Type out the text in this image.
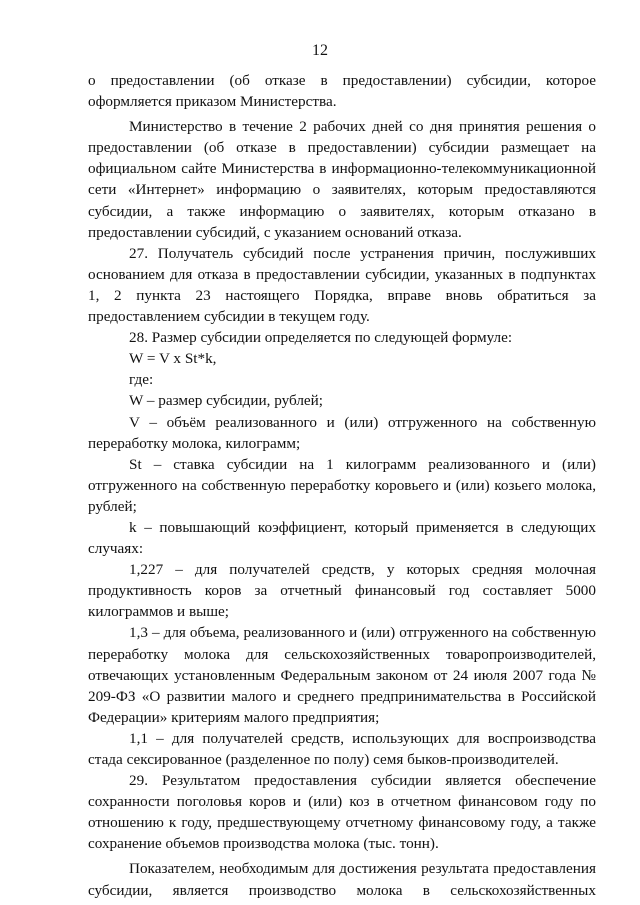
12

о предоставлении (об отказе в предоставлении) субсидии, которое оформляется приказом Министерства.

Министерство в течение 2 рабочих дней со дня принятия решения о предоставлении (об отказе в предоставлении) субсидии размещает на официальном сайте Министерства в информационно-телекоммуникационной сети «Интернет» информацию о заявителях, которым предоставляются субсидии, а также информацию о заявителях, которым отказано в предоставлении субсидий, с указанием оснований отказа.

27. Получатель субсидий после устранения причин, послуживших основанием для отказа в предоставлении субсидии, указанных в подпунктах 1, 2 пункта 23 настоящего Порядка, вправе вновь обратиться за предоставлением субсидии в текущем году.

28. Размер субсидии определяется по следующей формуле:

W = V x St*k,

где:

W – размер субсидии, рублей;

V – объём реализованного и (или) отгруженного на собственную переработку молока, килограмм;

St – ставка субсидии на 1 килограмм реализованного и (или) отгруженного на собственную переработку коровьего и (или) козьего молока, рублей;

k – повышающий коэффициент, который применяется в следующих случаях:

1,227 – для получателей средств, у которых средняя молочная продуктивность коров за отчетный финансовый год составляет 5000 килограммов и выше;

1,3 – для объема, реализованного и (или) отгруженного на собственную переработку молока для сельскохозяйственных товаропроизводителей, отвечающих установленным Федеральным законом от 24 июля 2007 года № 209-ФЗ «О развитии малого и среднего предпринимательства в Российской Федерации» критериям малого предприятия;

1,1 – для получателей средств, использующих для воспроизводства стада сексированное (разделенное по полу) семя быков-производителей.

29. Результатом предоставления субсидии является обеспечение сохранности поголовья коров и (или) коз в отчетном финансовом году по отношению к году, предшествующему отчетному финансовому году, а также сохранение объемов производства молока (тыс. тонн).

Показателем, необходимым для достижения результата предоставления субсидии, является производство молока в сельскохозяйственных
